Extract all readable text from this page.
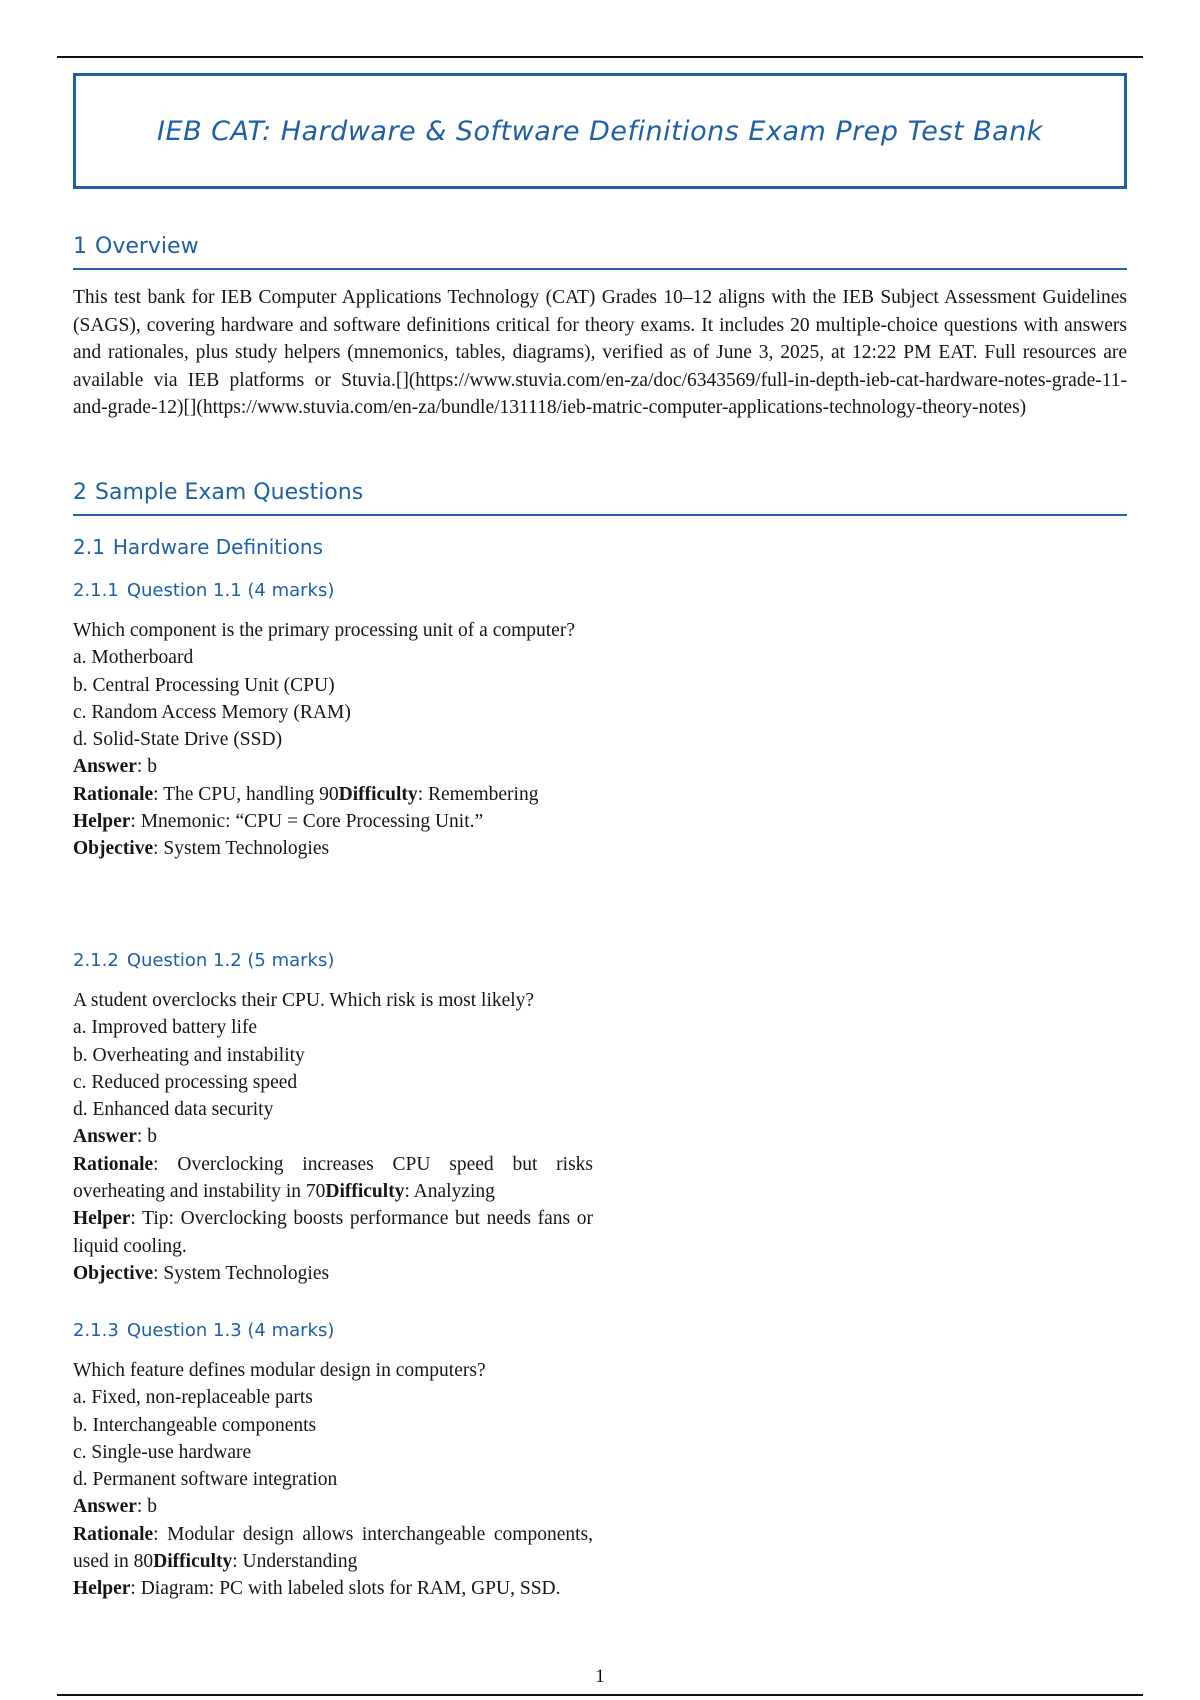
IEB CAT: Hardware & Software Definitions Exam Prep Test Bank
1 Overview
This test bank for IEB Computer Applications Technology (CAT) Grades 10–12 aligns with the IEB Subject Assessment Guidelines (SAGS), covering hardware and software definitions critical for theory exams. It includes 20 multiple-choice questions with answers and rationales, plus study helpers (mnemonics, tables, diagrams), verified as of June 3, 2025, at 12:22 PM EAT. Full resources are available via IEB platforms or Stuvia.[](https://www.stuvia.com/en-za/doc/6343569/full-in-depth-ieb-cat-hardware-notes-grade-11-and-grade-12)[](https://www.stuvia.com/en-za/bundle/131118/ieb-matric-computer-applications-technology-theory-notes)
2 Sample Exam Questions
2.1 Hardware Definitions
2.1.1 Question 1.1 (4 marks)
Which component is the primary processing unit of a computer?
a. Motherboard
b. Central Processing Unit (CPU)
c. Random Access Memory (RAM)
d. Solid-State Drive (SSD)
Answer: b
Rationale: The CPU, handling 90Difficulty: Remembering
Helper: Mnemonic: “CPU = Core Processing Unit.”
Objective: System Technologies
2.1.2 Question 1.2 (5 marks)
A student overclocks their CPU. Which risk is most likely?
a. Improved battery life
b. Overheating and instability
c. Reduced processing speed
d. Enhanced data security
Answer: b
Rationale: Overclocking increases CPU speed but risks overheating and instability in 70Difficulty: Analyzing
Helper: Tip: Overclocking boosts performance but needs fans or liquid cooling.
Objective: System Technologies
2.1.3 Question 1.3 (4 marks)
Which feature defines modular design in computers?
a. Fixed, non-replaceable parts
b. Interchangeable components
c. Single-use hardware
d. Permanent software integration
Answer: b
Rationale: Modular design allows interchangeable components, used in 80Difficulty: Understanding
Helper: Diagram: PC with labeled slots for RAM, GPU, SSD.
1
